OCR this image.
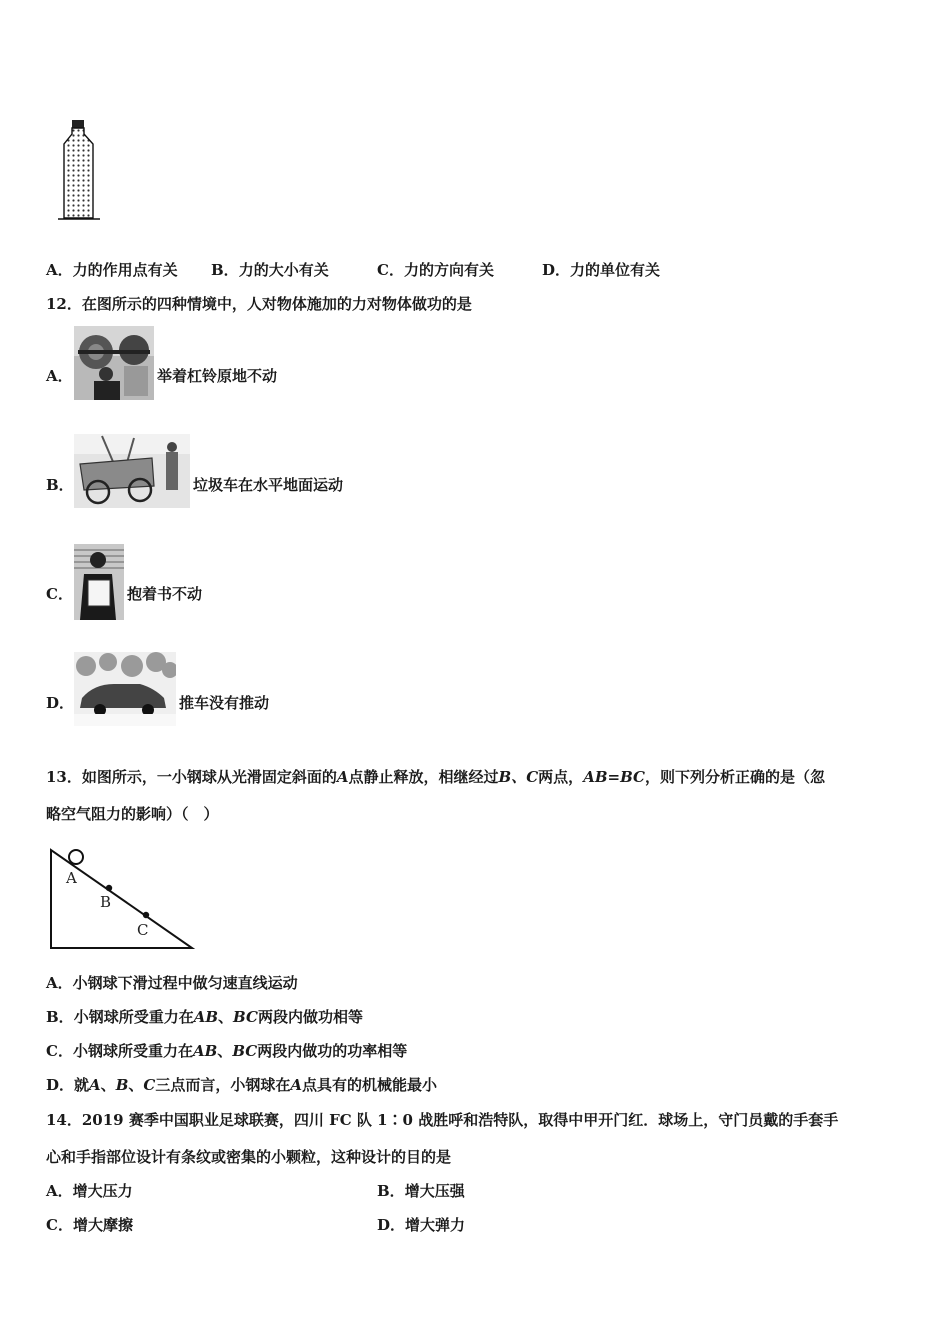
A．力的作用点有关 B．力的大小有关	C．力的方向有关	D．力的单位有关
12．在图所示的四种情境中，人对物体施加的力对物体做功的是
A．	举着杠铃原地不动
B．	垃圾车在水平地面运动
C．	抱着书不动
D．	推车没有推动
13．如图所示，一小钢球从光滑固定斜面的A点静止释放，相继经过B、C两点，AB=BC，则下列分析正确的是（忽
略空气阻力的影响）（　）
A
B
C
A．小钢球下滑过程中做匀速直线运动
B．小钢球所受重力在AB、BC两段内做功相等
C．小钢球所受重力在AB、BC两段内做功的功率相等
D．就A、B、C三点而言，小钢球在A点具有的机械能最小
14．2019 赛季中国职业足球联赛，四川 FC 队 1∶0 战胜呼和浩特队，取得中甲开门红．球场上，守门员戴的手套手
心和手指部位设计有条纹或密集的小颗粒，这种设计的目的是
A．增大压力	B．增大压强
C．增大摩擦	D．增大弹力
